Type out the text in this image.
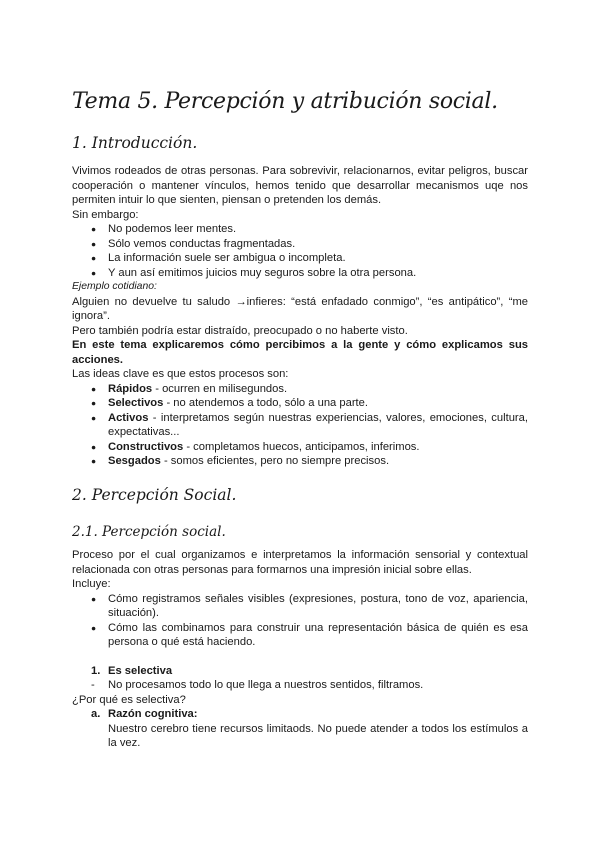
Tema 5. Percepción y atribución social.
1. Introducción.

Vivimos rodeados de otras personas. Para sobrevivir, relacionarnos, evitar peligros, buscar cooperación o mantener vínculos, hemos tenido que desarrollar mecanismos uqe nos permiten intuir lo que sienten, piensan o pretenden los demás.

Sin embargo:

● No podemos leer mentes.
● Sólo vemos conductas fragmentadas.
● La información suele ser ambigua o incompleta.
● Y aun así emitimos juicios muy seguros sobre la otra persona.

Ejemplo cotidiano:

Alguien no devuelve tu saludo →infieres: “está enfadado conmigo”, “es antipático”, “me ignora”.

Pero también podría estar distraído, preocupado o no haberte visto.

En este tema explicaremos cómo percibimos a la gente y cómo explicamos sus acciones.

Las ideas clave es que estos procesos son:

● Rápidos - ocurren en milisegundos.
● Selectivos - no atendemos a todo, sólo a una parte.
● Activos - interpretamos según nuestras experiencias, valores, emociones, cultura, expectativas...
● Constructivos - completamos huecos, anticipamos, inferimos.
● Sesgados - somos eficientes, pero no siempre precisos.
2. Percepción Social.
2.1. Percepción social.

Proceso por el cual organizamos e interpretamos la información sensorial y contextual relacionada con otras personas para formarnos una impresión inicial sobre ellas.

Incluye:

● Cómo registramos señales visibles (expresiones, postura, tono de voz, apariencia, situación).
● Cómo las combinamos para construir una representación básica de quién es esa persona o qué está haciendo.
1. Es selectiva
- No procesamos todo lo que llega a nuestros sentidos, filtramos.

¿Por qué es selectiva?

a. Razón cognitiva:

Nuestro cerebro tiene recursos limitaods. No puede atender a todos los estímulos a la vez.
